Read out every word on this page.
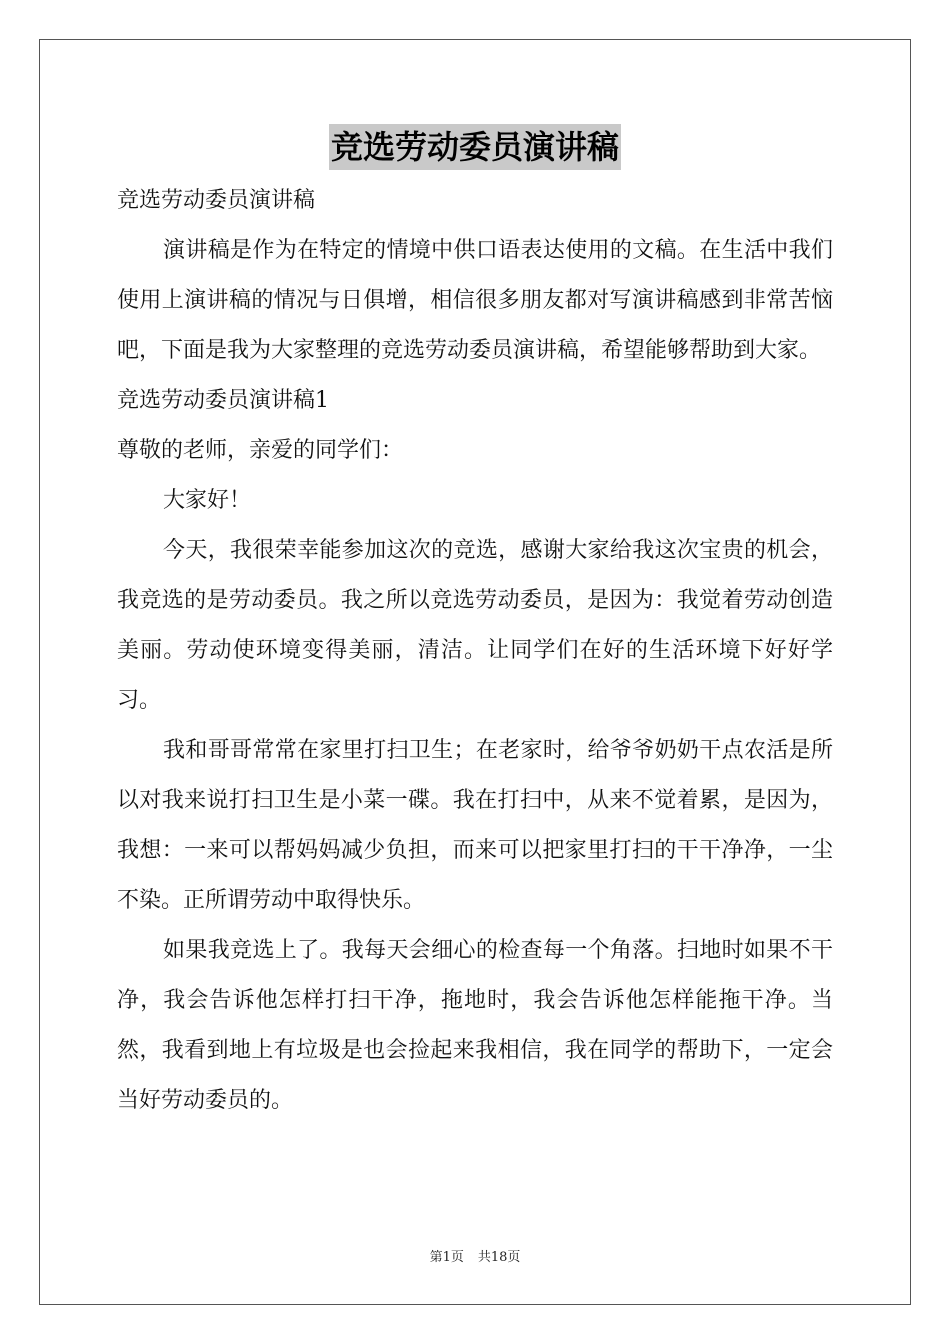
竞选劳动委员演讲稿

竞选劳动委员演讲稿

演讲稿是作为在特定的情境中供口语表达使用的文稿。在生活中我们使用上演讲稿的情况与日俱增，相信很多朋友都对写演讲稿感到非常苦恼吧，下面是我为大家整理的竞选劳动委员演讲稿，希望能够帮助到大家。

竞选劳动委员演讲稿1

尊敬的老师，亲爱的同学们：

大家好！

今天，我很荣幸能参加这次的竞选，感谢大家给我这次宝贵的机会，我竞选的是劳动委员。我之所以竞选劳动委员，是因为：我觉着劳动创造美丽。劳动使环境变得美丽，清洁。让同学们在好的生活环境下好好学习。

我和哥哥常常在家里打扫卫生；在老家时，给爷爷奶奶干点农活是所以对我来说打扫卫生是小菜一碟。我在打扫中，从来不觉着累，是因为，我想：一来可以帮妈妈减少负担，而来可以把家里打扫的干干净净，一尘不染。正所谓劳动中取得快乐。

如果我竞选上了。我每天会细心的检查每一个角落。扫地时如果不干净，我会告诉他怎样打扫干净，拖地时，我会告诉他怎样能拖干净。当然，我看到地上有垃圾是也会捡起来我相信，我在同学的帮助下，一定会当好劳动委员的。

第1页 共18页
